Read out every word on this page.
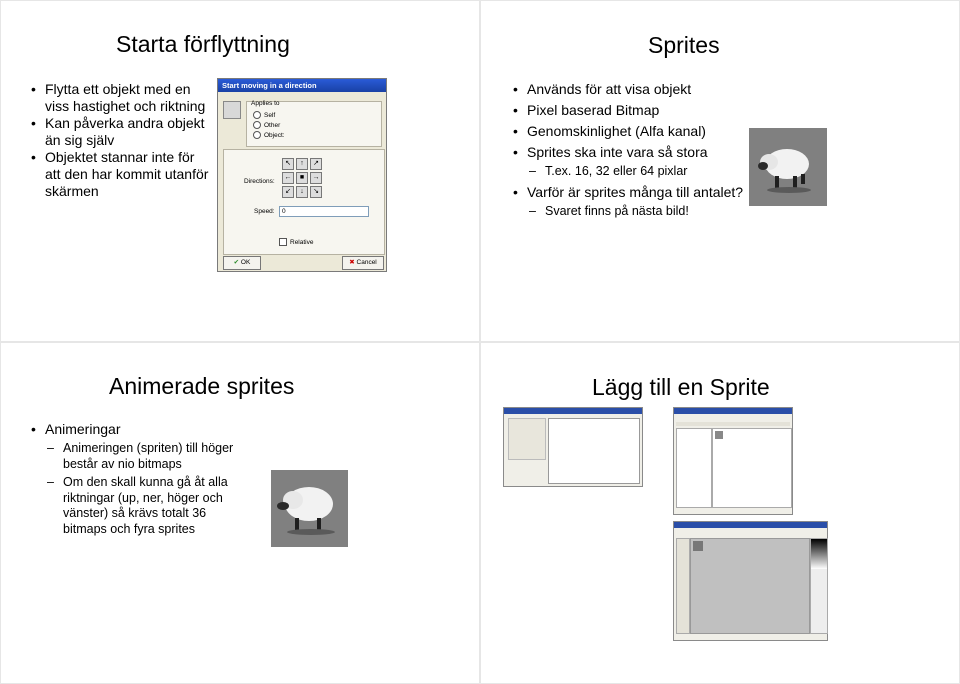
Starta förflyttning
• Flytta ett objekt med en viss hastighet och riktning
• Kan påverka andra objekt än sig själv
• Objektet stannar inte för att den har kommit utanför skärmen
Start moving in a direction
Applies to
Self
Other
Object:
Directions:
↖	↑	↗
←	■	→
↙	↓	↘
Speed:	0
Relative
✔ OK	✖ Cancel
Sprites
• Används för att visa objekt
• Pixel baserad Bitmap
• Genomskinlighet (Alfa kanal)
• Sprites ska inte vara så stora
– T.ex. 16, 32 eller 64 pixlar
• Varför är sprites många till antalet?
– Svaret finns på nästa bild!
Animerade sprites
• Animeringar
– Animeringen (spriten) till höger består av nio bitmaps
– Om den skall kunna gå åt alla riktningar (up, ner, höger och vänster) så krävs totalt 36 bitmaps och fyra sprites
Lägg till en Sprite
